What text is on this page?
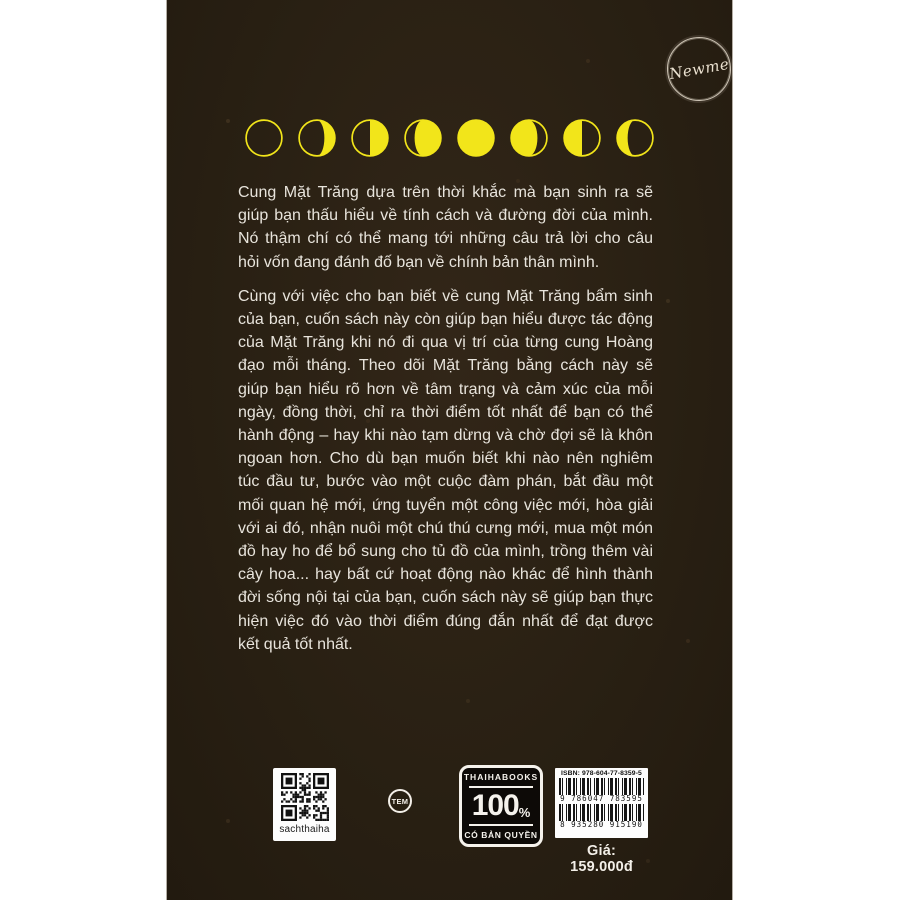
Newme
Cung Mặt Trăng dựa trên thời khắc mà bạn sinh ra sẽ
giúp bạn thấu hiểu về tính cách và đường đời của mình.
Nó thậm chí có thể mang tới những câu trả lời cho câu
hỏi vốn đang đánh đố bạn về chính bản thân mình.
Cùng với việc cho bạn biết về cung Mặt Trăng bẩm sinh
của bạn, cuốn sách này còn giúp bạn hiểu được tác động
của Mặt Trăng khi nó đi qua vị trí của từng cung Hoàng
đạo mỗi tháng. Theo dõi Mặt Trăng bằng cách này sẽ
giúp bạn hiểu rõ hơn về tâm trạng và cảm xúc của mỗi
ngày, đồng thời, chỉ ra thời điểm tốt nhất để bạn có thể
hành động – hay khi nào tạm dừng và chờ đợi sẽ là khôn
ngoan hơn. Cho dù bạn muốn biết khi nào nên nghiêm
túc đầu tư, bước vào một cuộc đàm phán, bắt đầu một
mối quan hệ mới, ứng tuyển một công việc mới, hòa giải
với ai đó, nhận nuôi một chú thú cưng mới, mua một món
đồ hay ho để bổ sung cho tủ đồ của mình, trồng thêm vài
cây hoa... hay bất cứ hoạt động nào khác để hình thành
đời sống nội tại của bạn, cuốn sách này sẽ giúp bạn thực
hiện việc đó vào thời điểm đúng đắn nhất để đạt được
kết quả tốt nhất.
sachthaiha
TEM
THAIHABOOKS
100 %
CÓ BẢN QUYỀN
ISBN: 978-604-77-8359-5
9 786047 783595
8 935280 915190
Giá: 159.000đ
